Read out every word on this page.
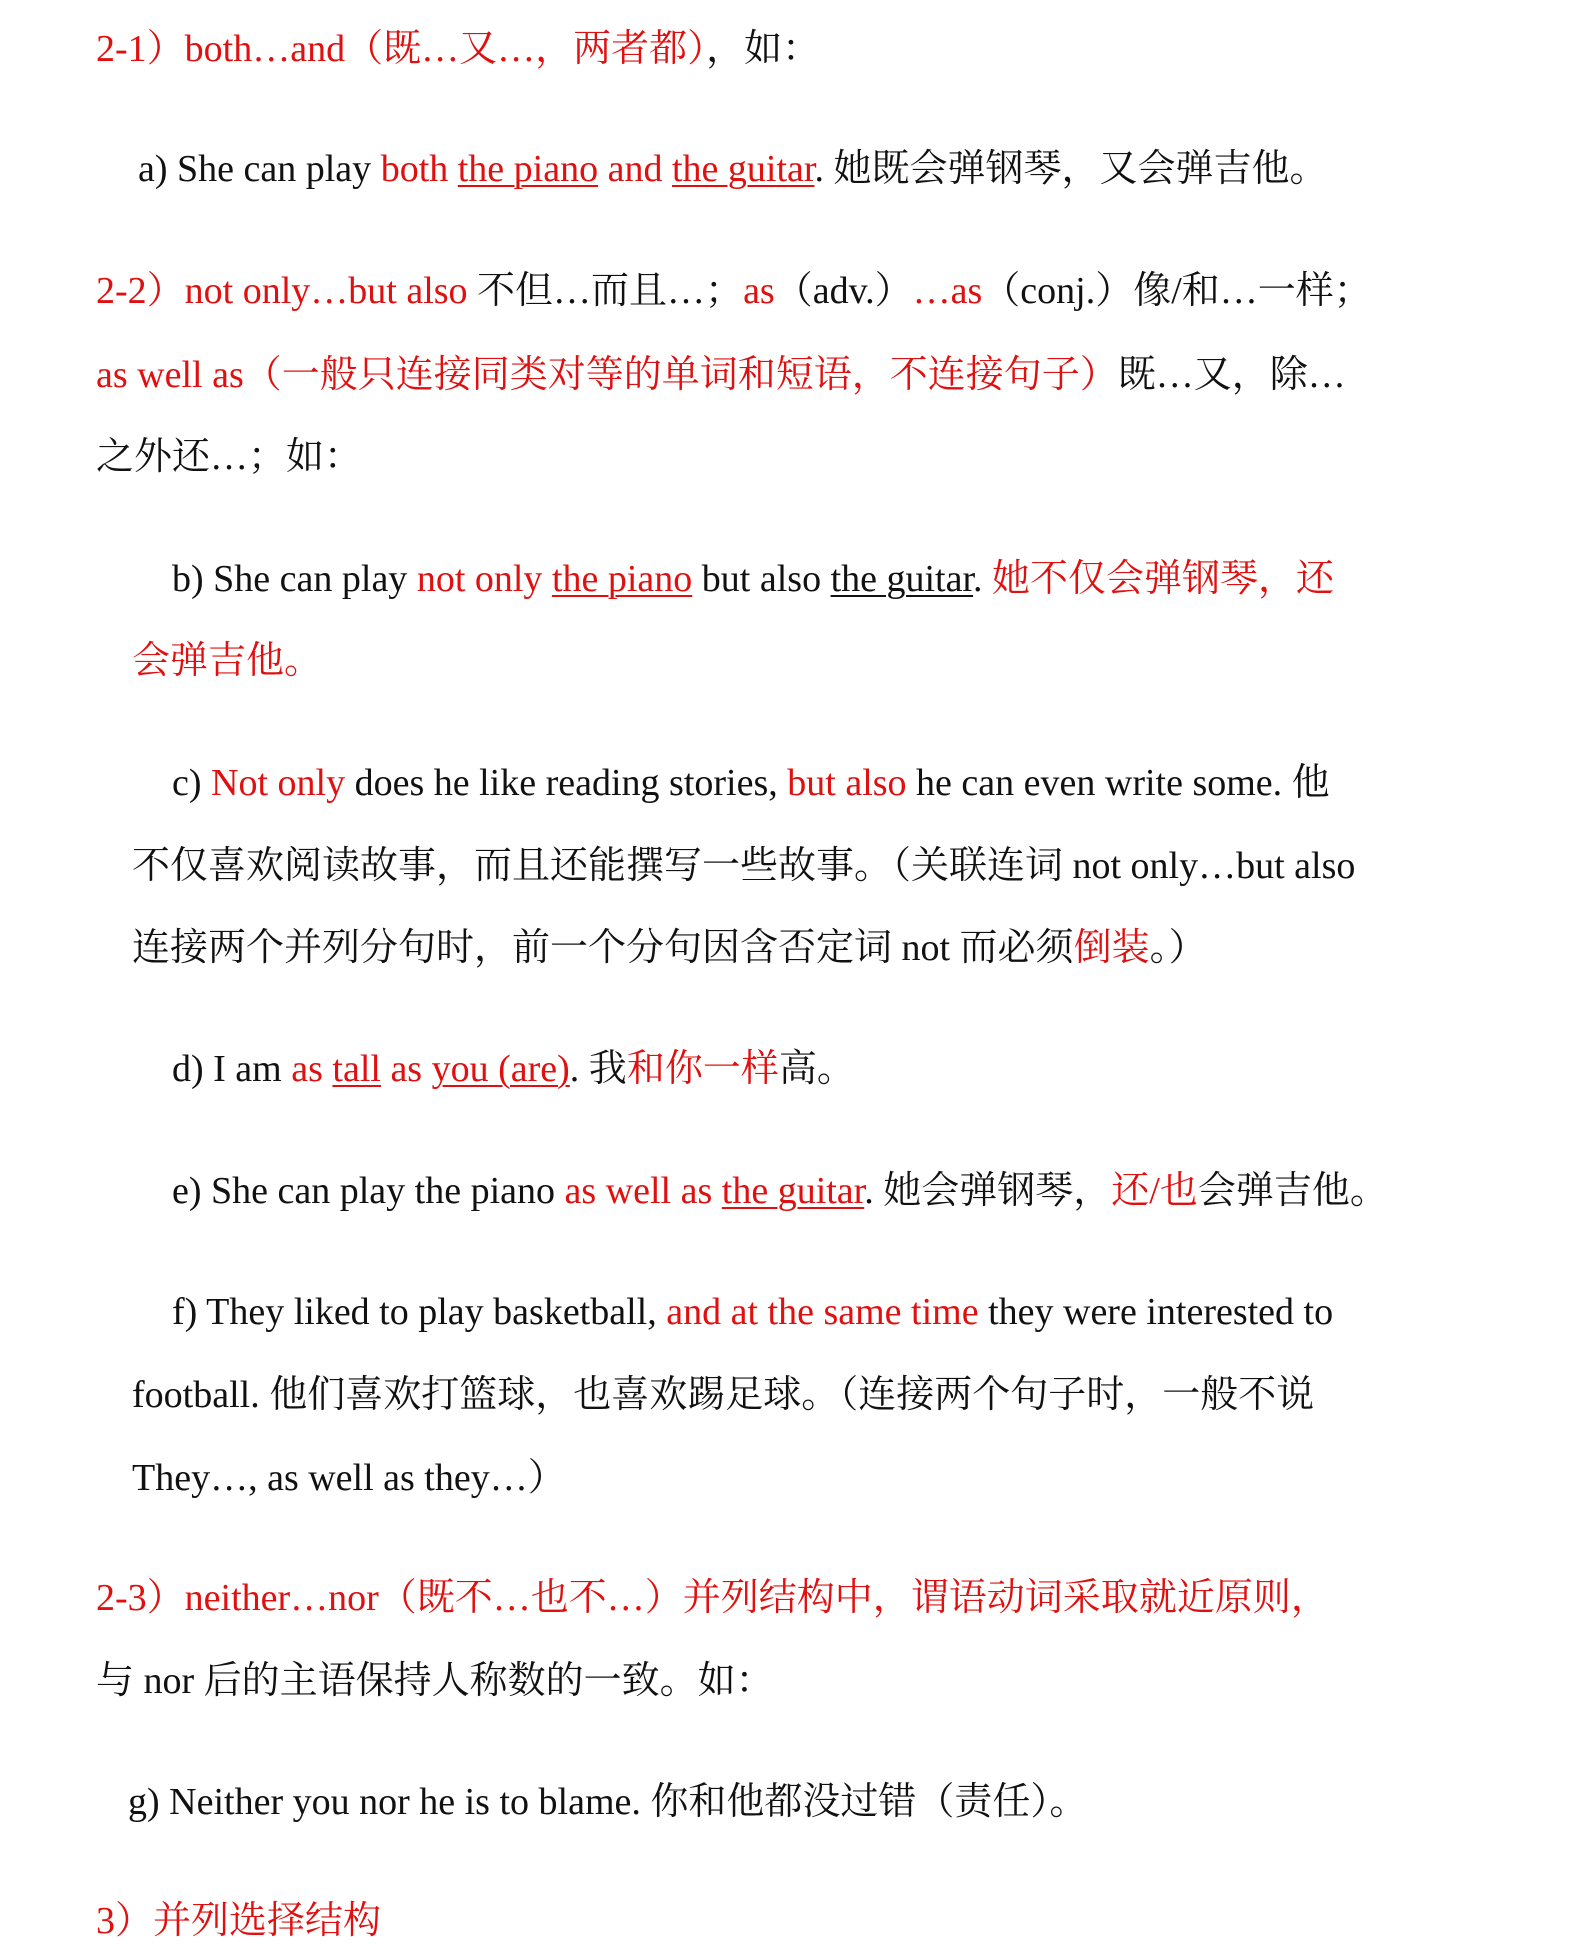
2-1）both…and（既…又…，两者都），如：
a) She can play both the piano and the guitar. 她既会弹钢琴，又会弹吉他。
2-2）not only…but also 不但…而且…；as（adv.）…as（conj.）像/和…一样；
as well as（一般只连接同类对等的单词和短语，不连接句子）既…又，除…
之外还…；如：
b) She can play not only the piano but also the guitar. 她不仅会弹钢琴，还
会弹吉他。
c) Not only does he like reading stories, but also he can even write some. 他
不仅喜欢阅读故事，而且还能撰写一些故事。（关联连词 not only…but also
连接两个并列分句时，前一个分句因含否定词 not 而必须倒装。）
d) I am as tall as you (are). 我和你一样高。
e) She can play the piano as well as the guitar. 她会弹钢琴，还/也会弹吉他。
f) They liked to play basketball, and at the same time they were interested to
football. 他们喜欢打篮球，也喜欢踢足球。（连接两个句子时，一般不说
They…, as well as they…）
2-3）neither…nor（既不…也不…）并列结构中，谓语动词采取就近原则，
与 nor 后的主语保持人称数的一致。如：
g) Neither you nor he is to blame. 你和他都没过错（责任）。
3）并列选择结构
